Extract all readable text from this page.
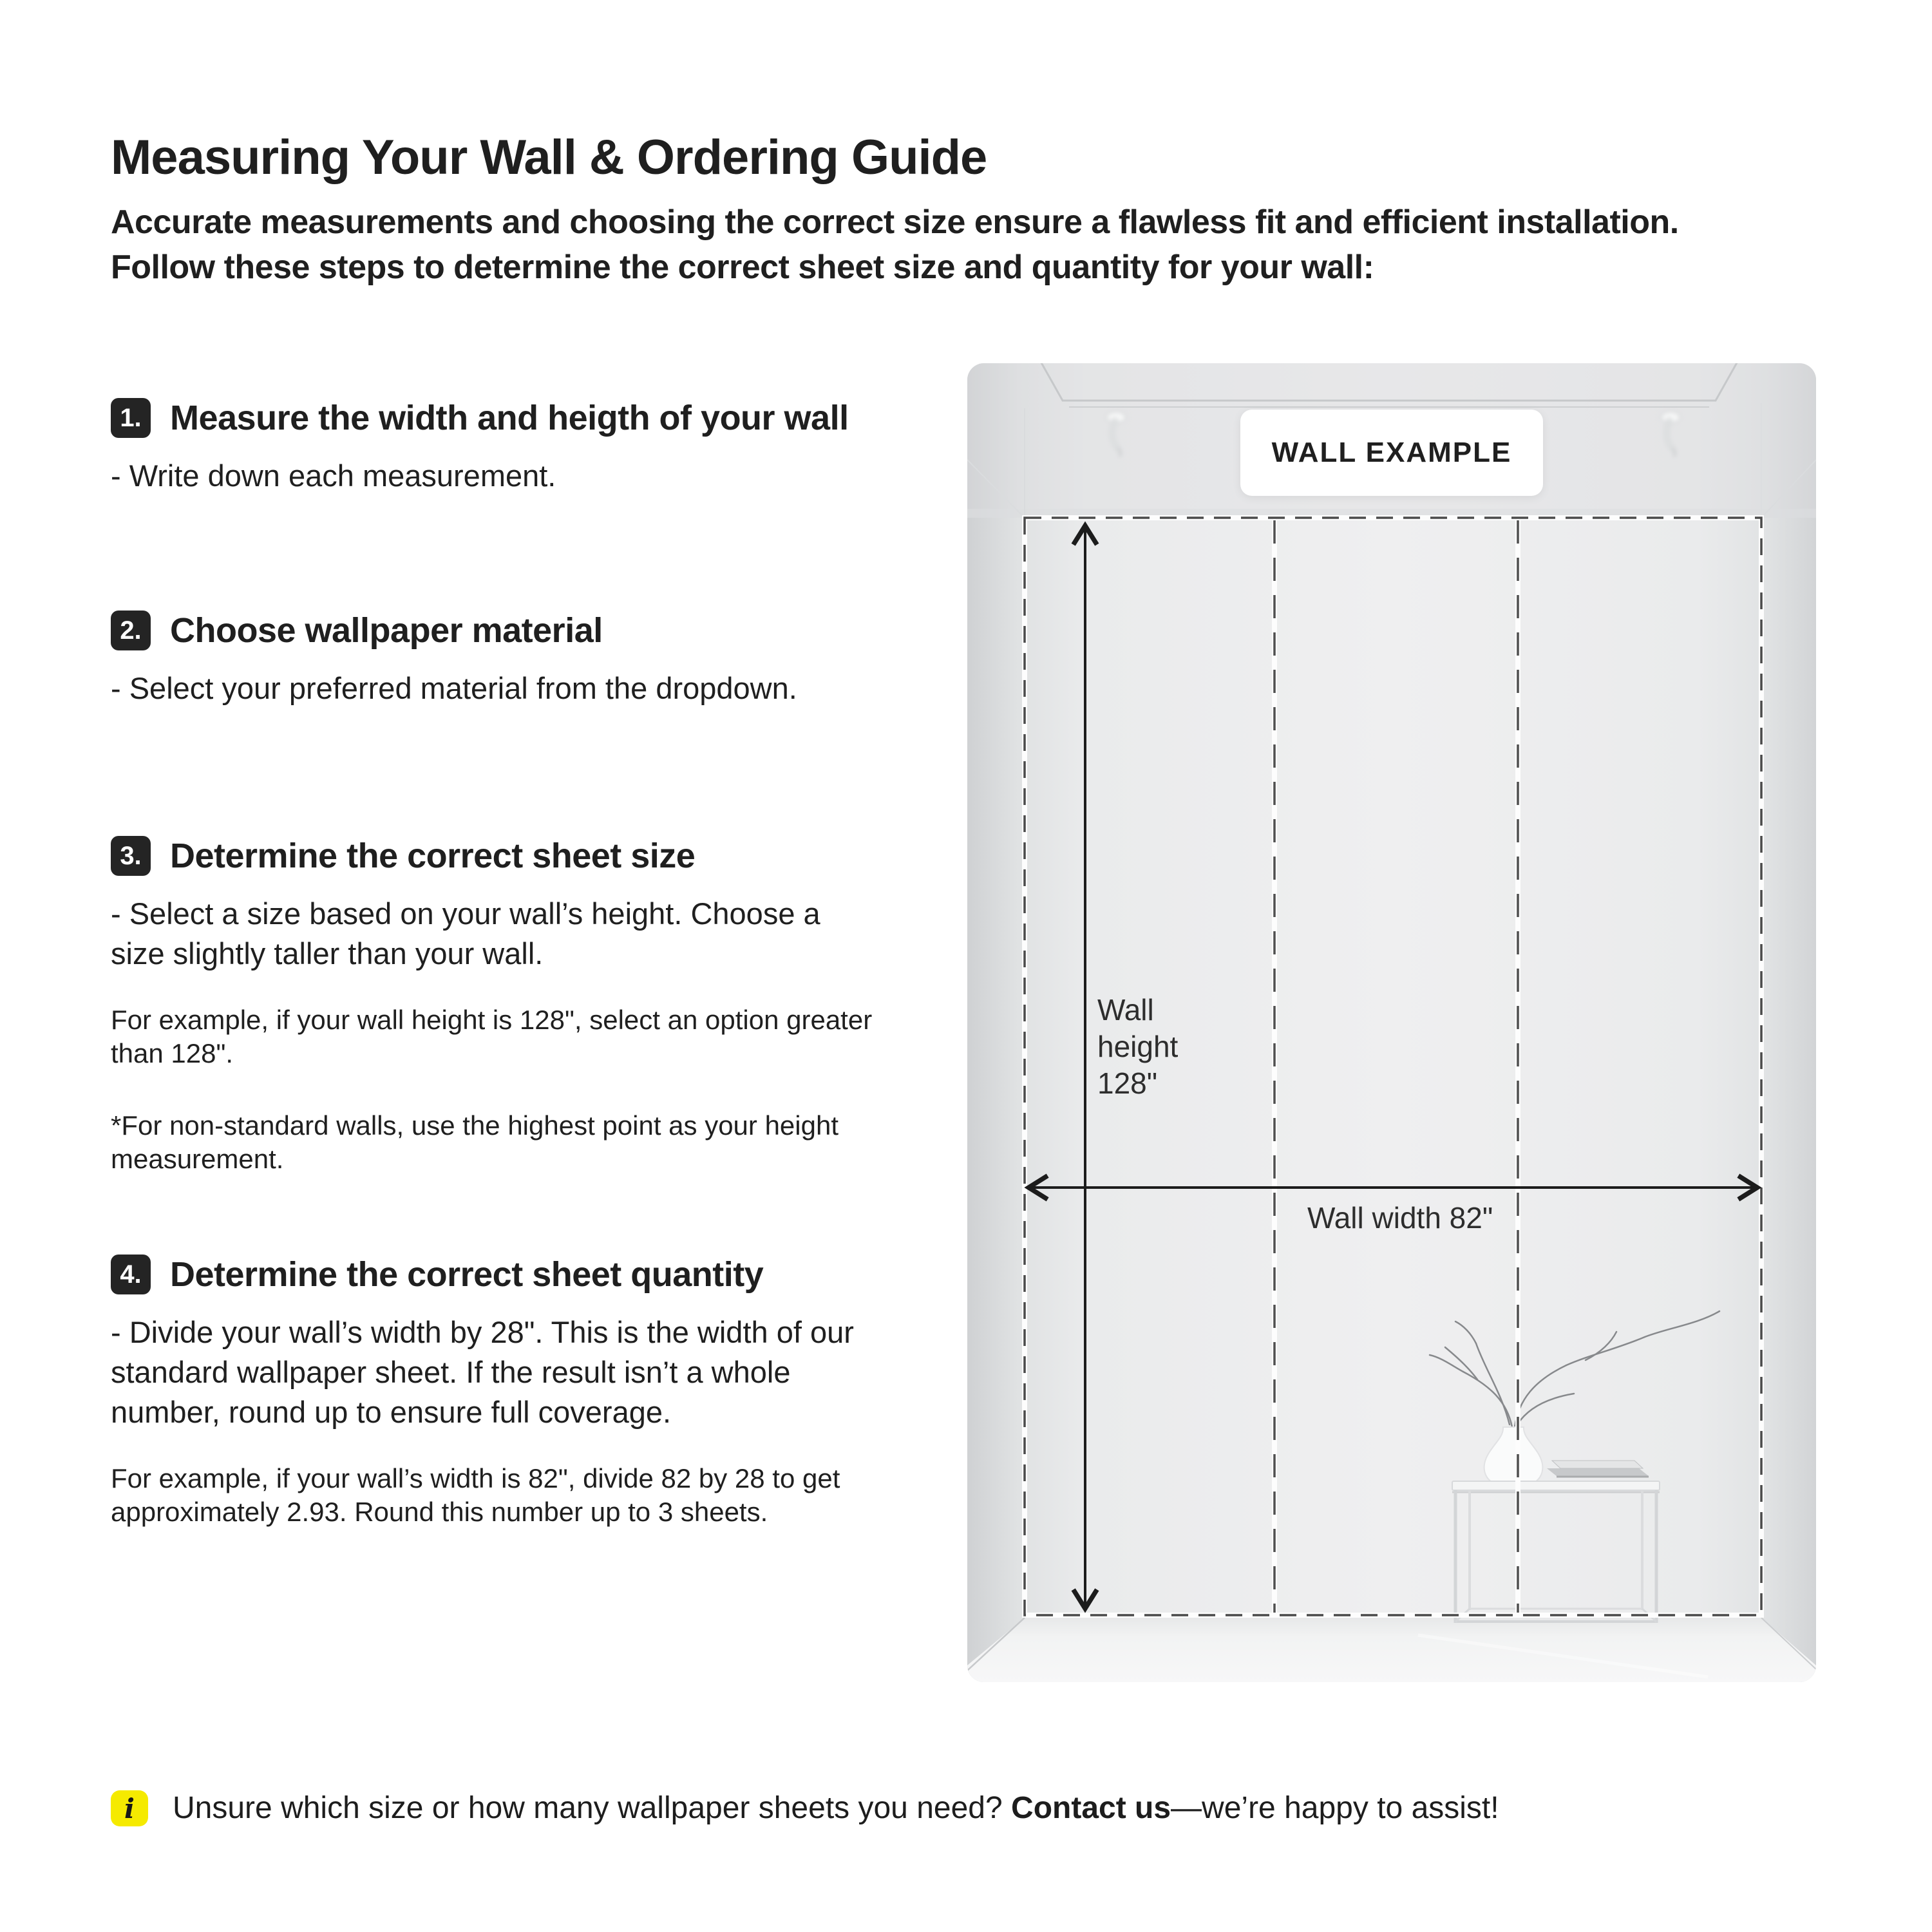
Measuring Your Wall & Ordering Guide
Accurate measurements and choosing the correct size ensure a flawless fit and efficient installation.
Follow these steps to determine the correct sheet size and quantity for your wall:
1. Measure the width and heigth of your wall
- Write down each measurement.
2. Choose wallpaper material
- Select your preferred material from the dropdown.
3. Determine the correct sheet size
- Select a size based on your wall’s height. Choose a
size slightly taller than your wall.
For example, if your wall height is 128", select an option greater
than 128".
*For non-standard walls, use the highest point as your height
measurement.
4. Determine the correct sheet quantity
- Divide your wall’s width by 28". This is the width of our
standard wallpaper sheet. If the result isn’t a whole
number, round up to ensure full coverage.
For example, if your wall’s width is 82", divide 82 by 28 to get
approximately 2.93. Round this number up to 3 sheets.
WALL EXAMPLE
Wall height 128"
Wall width 82"
i	Unsure which size or how many wallpaper sheets you need? Contact us—we’re happy to assist!
